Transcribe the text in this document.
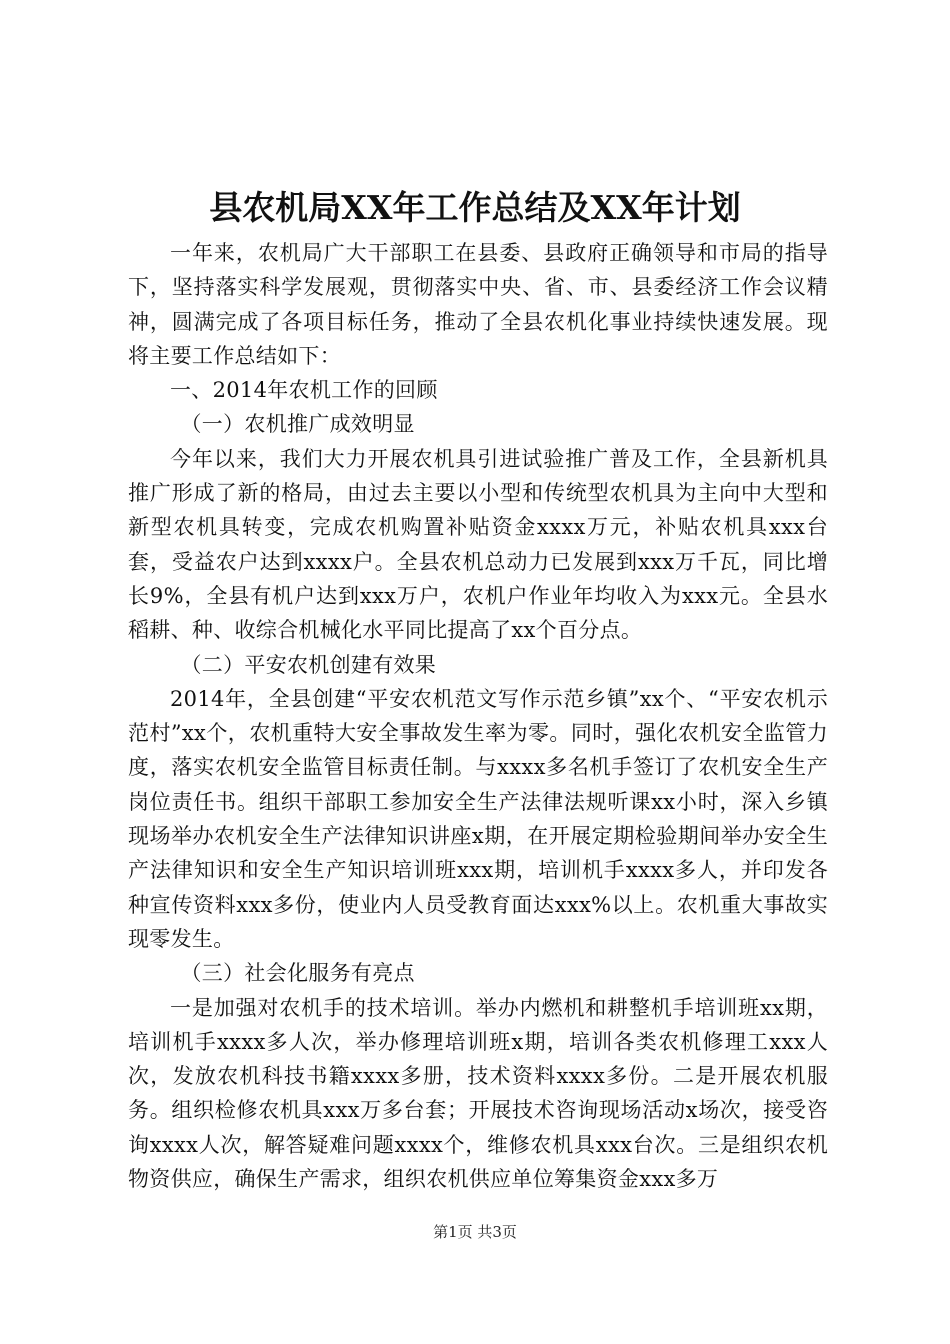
县农机局XX年工作总结及XX年计划

一年来，农机局广大干部职工在县委、县政府正确领导和市局的指导下，坚持落实科学发展观，贯彻落实中央、省、市、县委经济工作会议精神，圆满完成了各项目标任务，推动了全县农机化事业持续快速发展。现将主要工作总结如下：

一、2014年农机工作的回顾

（一）农机推广成效明显

今年以来，我们大力开展农机具引进试验推广普及工作，全县新机具推广形成了新的格局，由过去主要以小型和传统型农机具为主向中大型和新型农机具转变，完成农机购置补贴资金xxxx万元，补贴农机具xxx台套，受益农户达到xxxx户。全县农机总动力已发展到xxx万千瓦，同比增长9%，全县有机户达到xxx万户，农机户作业年均收入为xxx元。全县水稻耕、种、收综合机械化水平同比提高了xx个百分点。

（二）平安农机创建有效果

2014年，全县创建“平安农机范文写作示范乡镇”xx个、“平安农机示范村”xx个，农机重特大安全事故发生率为零。同时，强化农机安全监管力度，落实农机安全监管目标责任制。与xxxx多名机手签订了农机安全生产岗位责任书。组织干部职工参加安全生产法律法规听课xx小时，深入乡镇现场举办农机安全生产法律知识讲座x期，在开展定期检验期间举办安全生产法律知识和安全生产知识培训班xxx期，培训机手xxxx多人，并印发各种宣传资料xxx多份，使业内人员受教育面达xxx%以上。农机重大事故实现零发生。

（三）社会化服务有亮点

一是加强对农机手的技术培训。举办内燃机和耕整机手培训班xx期，培训机手xxxx多人次，举办修理培训班x期，培训各类农机修理工xxx人次，发放农机科技书籍xxxx多册，技术资料xxxx多份。二是开展农机服务。组织检修农机具xxx万多台套；开展技术咨询现场活动x场次，接受咨询xxxx人次，解答疑难问题xxxx个，维修农机具xxx台次。三是组织农机物资供应，确保生产需求，组织农机供应单位筹集资金xxx多万

第1页 共3页
